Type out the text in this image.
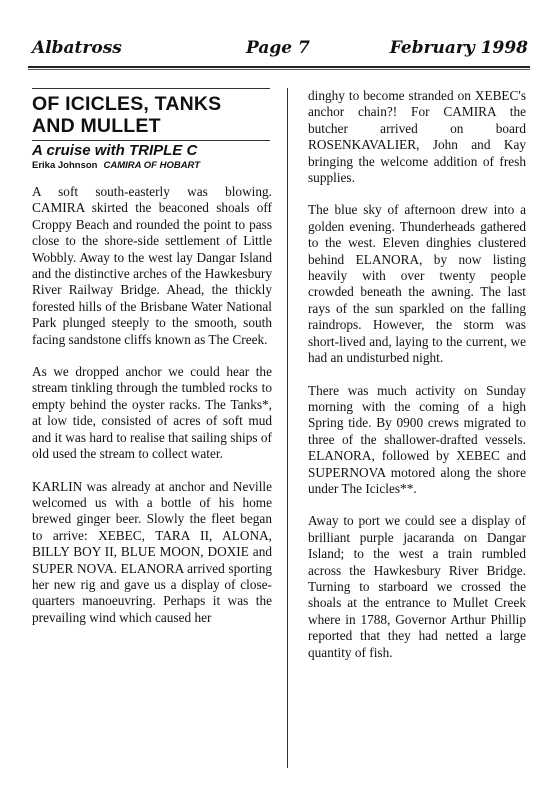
Albatross	Page 7	February 1998
OF ICICLES, TANKS
AND MULLET
A cruise with TRIPLE C
Erika Johnson CAMIRA OF HOBART

A soft south-easterly was blowing. CAMIRA skirted the beaconed shoals off Croppy Beach and rounded the point to pass close to the shore-side settlement of Little Wobbly. Away to the west lay Dangar Island and the distinctive arches of the Hawkesbury River Railway Bridge. Ahead, the thickly forested hills of the Brisbane Water National Park plunged steeply to the smooth, south facing sandstone cliffs known as The Creek.

As we dropped anchor we could hear the stream tinkling through the tumbled rocks to empty behind the oyster racks. The Tanks*, at low tide, consisted of acres of soft mud and it was hard to realise that sailing ships of old used the stream to collect water.

KARLIN was already at anchor and Neville welcomed us with a bottle of his home brewed ginger beer. Slowly the fleet began to arrive: XEBEC, TARA II, ALONA, BILLY BOY II, BLUE MOON, DOXIE and SUPER NOVA. ELANORA arrived sporting her new rig and gave us a display of close-quarters manoeuvring. Perhaps it was the prevailing wind which caused her

dinghy to become stranded on XEBEC's anchor chain?! For CAMIRA the butcher arrived on board ROSENKAVALIER, John and Kay bringing the welcome addition of fresh supplies.

The blue sky of afternoon drew into a golden evening. Thunderheads gathered to the west. Eleven dinghies clustered behind ELANORA, by now listing heavily with over twenty people crowded beneath the awning. The last rays of the sun sparkled on the falling raindrops. However, the storm was short-lived and, laying to the current, we had an undisturbed night.

There was much activity on Sunday morning with the coming of a high Spring tide. By 0900 crews migrated to three of the shallower-drafted vessels. ELANORA, followed by XEBEC and SUPERNOVA motored along the shore under The Icicles**.

Away to port we could see a display of brilliant purple jacaranda on Dangar Island; to the west a train rumbled across the Hawkesbury River Bridge. Turning to starboard we crossed the shoals at the entrance to Mullet Creek where in 1788, Governor Arthur Phillip reported that they had netted a large quantity of fish.
